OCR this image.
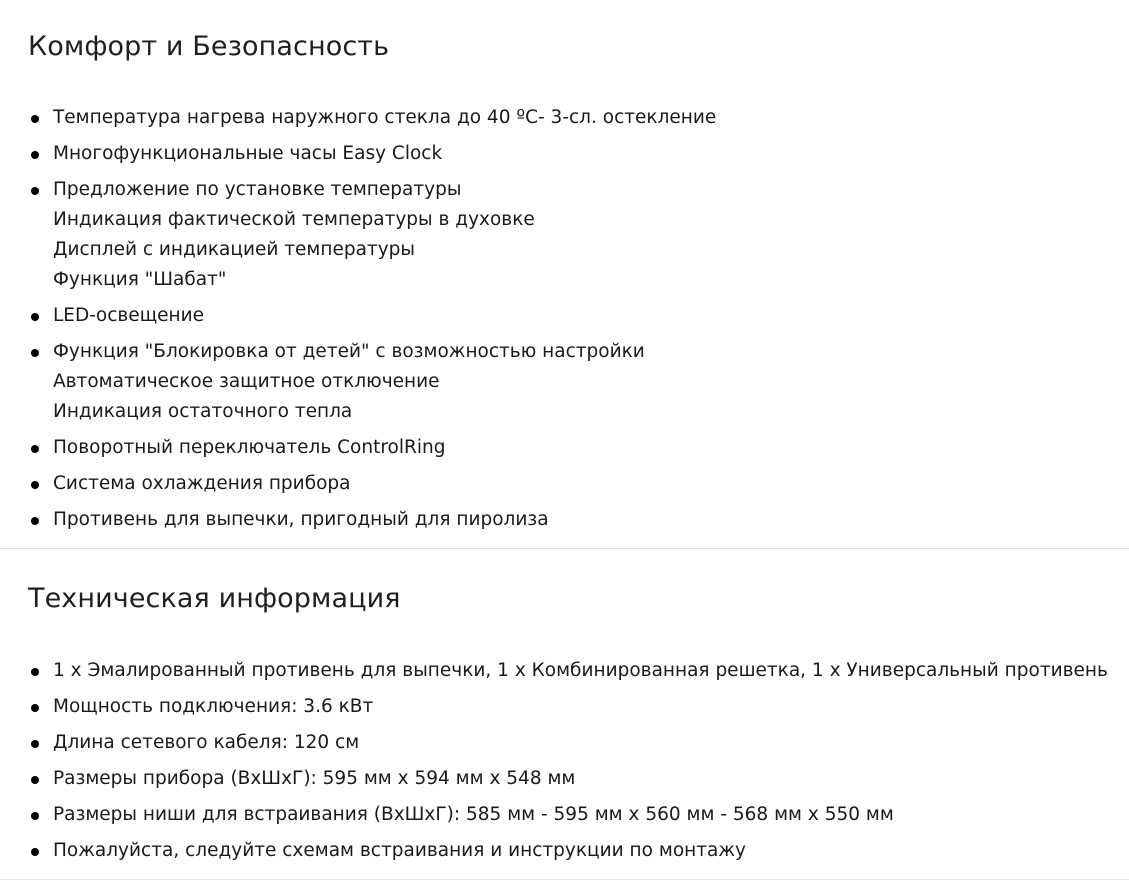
Комфорт и Безопасность
Температура нагрева наружного стекла до 40 ºC- 3-сл. остекление
Многофункциональные часы Easy Clock
Предложение по установке температуры
Индикация фактической температуры в духовке
Дисплей с индикацией температуры
Функция "Шабат"
LED-освещение
Функция "Блокировка от детей" с возможностью настройки
Автоматическое защитное отключение
Индикация остаточного тепла
Поворотный переключатель ControlRing
Система охлаждения прибора
Противень для выпечки, пригодный для пиролиза
Техническая информация
1 x Эмалированный противень для выпечки, 1 x Комбинированная решетка, 1 x Универсальный противень
Мощность подключения: 3.6 кВт
Длина сетевого кабеля: 120 см
Размеры прибора (ВхШхГ): 595 мм x 594 мм x 548 мм
Размеры ниши для встраивания (ВхШхГ): 585 мм - 595 мм x 560 мм - 568 мм x 550 мм
Пожалуйста, следуйте схемам встраивания и инструкции по монтажу
